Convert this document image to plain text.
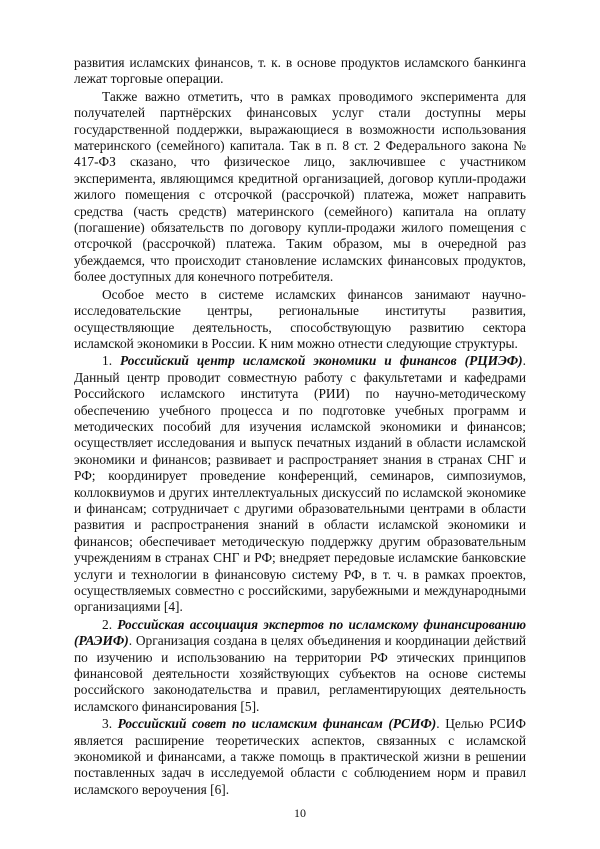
развития исламских финансов, т. к. в основе продуктов исламского банкинга лежат торговые операции.

Также важно отметить, что в рамках проводимого эксперимента для получателей партнёрских финансовых услуг стали доступны меры государственной поддержки, выражающиеся в возможности использования материнского (семейного) капитала. Так в п. 8 ст. 2 Федерального закона № 417-ФЗ сказано, что физическое лицо, заключившее с участником эксперимента, являющимся кредитной организацией, договор купли-продажи жилого помещения с отсрочкой (рассрочкой) платежа, может направить средства (часть средств) материнского (семейного) капитала на оплату (погашение) обязательств по договору купли-продажи жилого помещения с отсрочкой (рассрочкой) платежа. Таким образом, мы в очередной раз убеждаемся, что происходит становление исламских финансовых продуктов, более доступных для конечного потребителя.

Особое место в системе исламских финансов занимают научно-исследовательские центры, региональные институты развития, осуществляющие деятельность, способствующую развитию сектора исламской экономики в России. К ним можно отнести следующие структуры.

1. Российский центр исламской экономики и финансов (РЦИЭФ). Данный центр проводит совместную работу с факультетами и кафедрами Российского исламского института (РИИ) по научно-методическому обеспечению учебного процесса и по подготовке учебных программ и методических пособий для изучения исламской экономики и финансов; осуществляет исследования и выпуск печатных изданий в области исламской экономики и финансов; развивает и распространяет знания в странах СНГ и РФ; координирует проведение конференций, семинаров, симпозиумов, коллоквиумов и других интеллектуальных дискуссий по исламской экономике и финансам; сотрудничает с другими образовательными центрами в области развития и распространения знаний в области исламской экономики и финансов; обеспечивает методическую поддержку другим образовательным учреждениям в странах СНГ и РФ; внедряет передовые исламские банковские услуги и технологии в финансовую систему РФ, в т. ч. в рамках проектов, осуществляемых совместно с российскими, зарубежными и международными организациями [4].

2. Российская ассоциация экспертов по исламскому финансированию (РАЭИФ). Организация создана в целях объединения и координации действий по изучению и использованию на территории РФ этических принципов финансовой деятельности хозяйствующих субъектов на основе системы российского законодательства и правил, регламентирующих деятельность исламского финансирования [5].

3. Российский совет по исламским финансам (РСИФ). Целью РСИФ является расширение теоретических аспектов, связанных с исламской экономикой и финансами, а также помощь в практической жизни в решении поставленных задач в исследуемой области с соблюдением норм и правил исламского вероучения [6].

10
